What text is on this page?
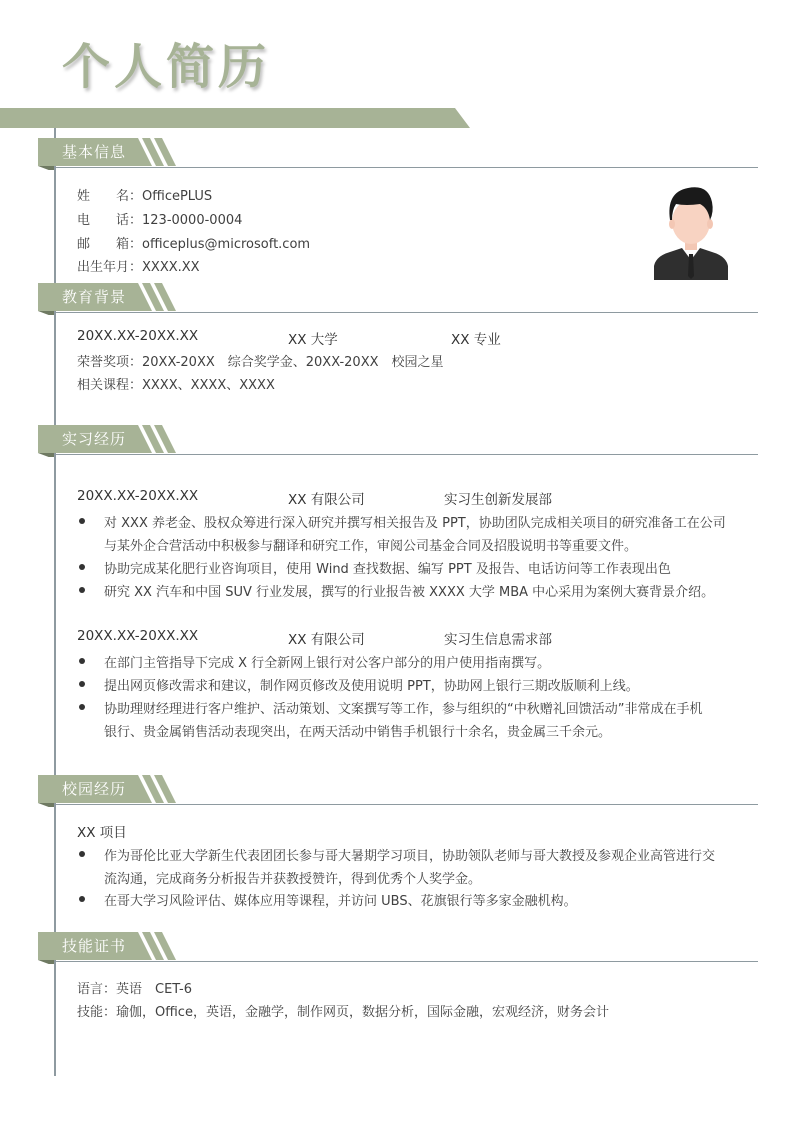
个人简历
基本信息
姓　　名：OfficePLUS
电　　话：123-0000-0004
邮　　箱：officeplus@microsoft.com
出生年月：XXXX.XX
教育背景
20XX.XX-20XX.XX	XX 大学	XX 专业
荣誉奖项：20XX-20XX　综合奖学金、20XX-20XX　校园之星
相关课程：XXXX、XXXX、XXXX
实习经历
20XX.XX-20XX.XX	XX 有限公司	实习生创新发展部
对 XXX 养老金、股权众筹进行深入研究并撰写相关报告及 PPT，协助团队完成相关项目的研究准备工在公司
与某外企合营活动中积极参与翻译和研究工作，审阅公司基金合同及招股说明书等重要文件。
协助完成某化肥行业咨询项目，使用 Wind 查找数据、编写 PPT 及报告、电话访问等工作表现出色
研究 XX 汽车和中国 SUV 行业发展，撰写的行业报告被 XXXX 大学 MBA 中心采用为案例大赛背景介绍。
20XX.XX-20XX.XX	XX 有限公司	实习生信息需求部
在部门主管指导下完成 X 行全新网上银行对公客户部分的用户使用指南撰写。
提出网页修改需求和建议，制作网页修改及使用说明 PPT，协助网上银行三期改版顺利上线。
协助理财经理进行客户维护、活动策划、文案撰写等工作，参与组织的“中秋赠礼回馈活动”非常成在手机
银行、贵金属销售活动表现突出，在两天活动中销售手机银行十余名，贵金属三千余元。
校园经历
XX 项目
作为哥伦比亚大学新生代表团团长参与哥大暑期学习项目，协助领队老师与哥大教授及参观企业高管进行交
流沟通，完成商务分析报告并获教授赞许，得到优秀个人奖学金。
在哥大学习风险评估、媒体应用等课程，并访问 UBS、花旗银行等多家金融机构。
技能证书
语言：英语　CET-6
技能：瑜伽，Office，英语，金融学，制作网页，数据分析，国际金融，宏观经济，财务会计
